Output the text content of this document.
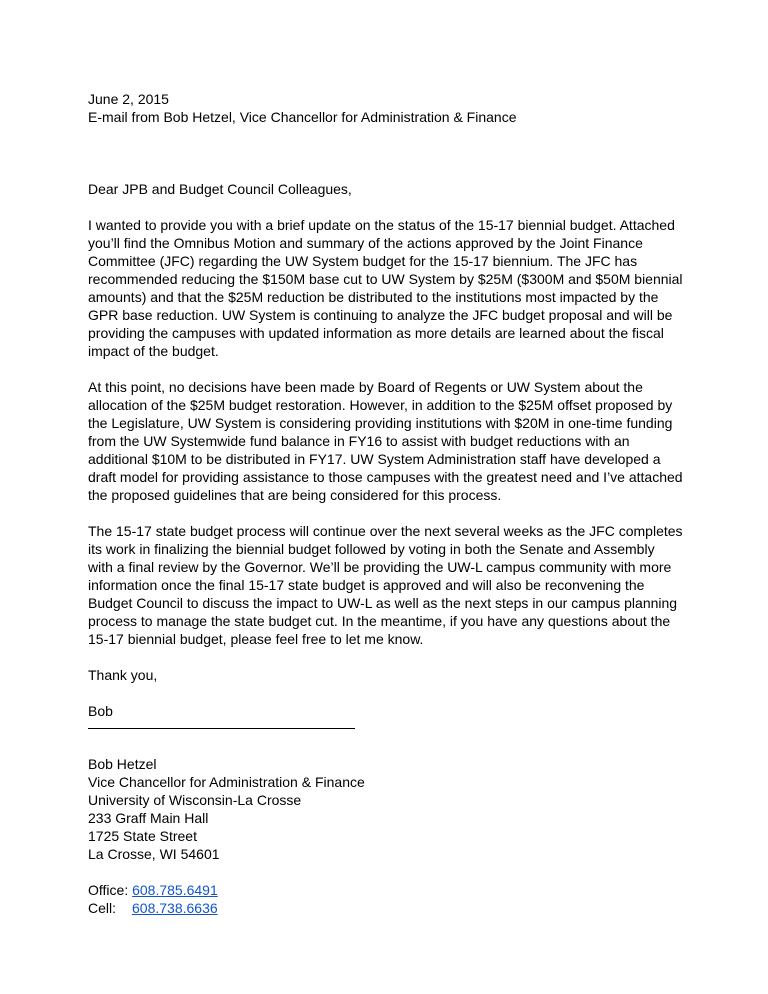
June 2, 2015

E-mail from Bob Hetzel, Vice Chancellor for Administration & Finance

Dear JPB and Budget Council Colleagues,

I wanted to provide you with a brief update on the status of the 15-17 biennial budget. Attached
you’ll find the Omnibus Motion and summary of the actions approved by the Joint Finance
Committee (JFC) regarding the UW System budget for the 15-17 biennium. The JFC has
recommended reducing the $150M base cut to UW System by $25M ($300M and $50M biennial
amounts) and that the $25M reduction be distributed to the institutions most impacted by the
GPR base reduction. UW System is continuing to analyze the JFC budget proposal and will be
providing the campuses with updated information as more details are learned about the fiscal
impact of the budget.
At this point, no decisions have been made by Board of Regents or UW System about the
allocation of the $25M budget restoration. However, in addition to the $25M offset proposed by
the Legislature, UW System is considering providing institutions with $20M in one-time funding
from the UW Systemwide fund balance in FY16 to assist with budget reductions with an
additional $10M to be distributed in FY17. UW System Administration staff have developed a
draft model for providing assistance to those campuses with the greatest need and I’ve attached
the proposed guidelines that are being considered for this process.
The 15-17 state budget process will continue over the next several weeks as the JFC completes
its work in finalizing the biennial budget followed by voting in both the Senate and Assembly
with a final review by the Governor. We’ll be providing the UW-L campus community with more
information once the final 15-17 state budget is approved and will also be reconvening the
Budget Council to discuss the impact to UW-L as well as the next steps in our campus planning
process to manage the state budget cut. In the meantime, if you have any questions about the
15-17 biennial budget, please feel free to let me know.

Thank you,

Bob

Bob Hetzel

Vice Chancellor for Administration & Finance

University of Wisconsin-La Crosse

233 Graff Main Hall

1725 State Street

La Crosse, WI 54601

Office: 608.785.6491

Cell: 608.738.6636
